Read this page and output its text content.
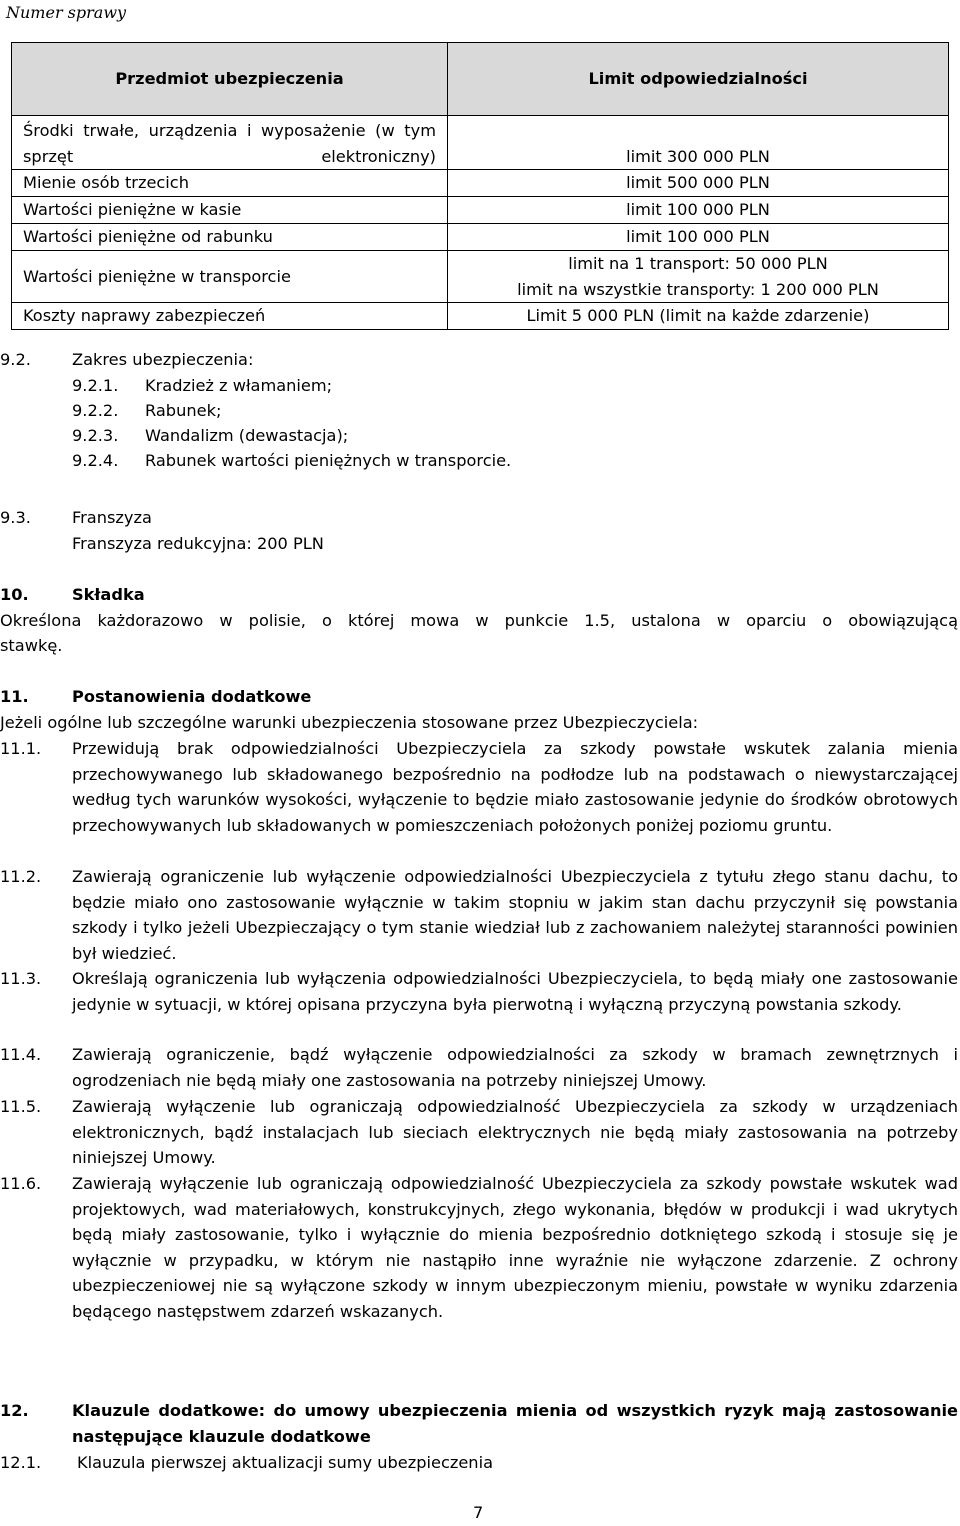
Numer sprawy
Przedmiot ubezpieczenia	Limit odpowiedzialności

Środki trwałe, urządzenia i wyposażenie (w tym sprzęt elektroniczny)	limit 300 000 PLN
Mienie osób trzecich	limit 500 000 PLN
Wartości pieniężne w kasie	limit 100 000 PLN
Wartości pieniężne od rabunku	limit 100 000 PLN
Wartości pieniężne w transporcie	limit na 1 transport: 50 000 PLN
limit na wszystkie transporty: 1 200 000 PLN

Koszty naprawy zabezpieczeń	Limit 5 000 PLN (limit na każde zdarzenie)
9.2.	Zakres ubezpieczenia:
9.2.1. Kradzież z włamaniem;
9.2.2. Rabunek;
9.2.3. Wandalizm (dewastacja);
9.2.4. Rabunek wartości pieniężnych w transporcie.
9.3.	Franszyza
Franszyza redukcyjna: 200 PLN
10.	Składka
Określona każdorazowo w polisie, o której mowa w punkcie 1.5, ustalona w oparciu o obowiązującą
stawkę.
11.	Postanowienia dodatkowe
Jeżeli ogólne lub szczególne warunki ubezpieczenia stosowane przez Ubezpieczyciela:
11.1. Przewidują brak odpowiedzialności Ubezpieczyciela za szkody powstałe wskutek zalania mienia przechowywanego lub składowanego bezpośrednio na podłodze lub na podstawach o niewystarczającej według tych warunków wysokości, wyłączenie to będzie miało zastosowanie jedynie do środków obrotowych przechowywanych lub składowanych w pomieszczeniach położonych poniżej poziomu gruntu.
11.2. Zawierają ograniczenie lub wyłączenie odpowiedzialności Ubezpieczyciela z tytułu złego stanu dachu, to będzie miało ono zastosowanie wyłącznie w takim stopniu w jakim stan dachu przyczynił się powstania szkody i tylko jeżeli Ubezpieczający o tym stanie wiedział lub z zachowaniem należytej staranności powinien był wiedzieć.
11.3. Określają ograniczenia lub wyłączenia odpowiedzialności Ubezpieczyciela, to będą miały one zastosowanie jedynie w sytuacji, w której opisana przyczyna była pierwotną i wyłączną przyczyną powstania szkody.
11.4. Zawierają ograniczenie, bądź wyłączenie odpowiedzialności za szkody w bramach zewnętrznych i ogrodzeniach nie będą miały one zastosowania na potrzeby niniejszej Umowy.
11.5. Zawierają wyłączenie lub ograniczają odpowiedzialność Ubezpieczyciela za szkody w urządzeniach elektronicznych, bądź instalacjach lub sieciach elektrycznych nie będą miały zastosowania na potrzeby niniejszej Umowy.
11.6. Zawierają wyłączenie lub ograniczają odpowiedzialność Ubezpieczyciela za szkody powstałe wskutek wad projektowych, wad materiałowych, konstrukcyjnych, złego wykonania, błędów w produkcji i wad ukrytych będą miały zastosowanie, tylko i wyłącznie do mienia bezpośrednio dotkniętego szkodą i stosuje się je wyłącznie w przypadku, w którym nie nastąpiło inne wyraźnie nie wyłączone zdarzenie. Z ochrony ubezpieczeniowej nie są wyłączone szkody w innym ubezpieczonym mieniu, powstałe w wyniku zdarzenia będącego następstwem zdarzeń wskazanych.
12.	Klauzule dodatkowe: do umowy ubezpieczenia mienia od wszystkich ryzyk mają zastosowanie następujące klauzule dodatkowe
12.1. Klauzula pierwszej aktualizacji sumy ubezpieczenia
7
